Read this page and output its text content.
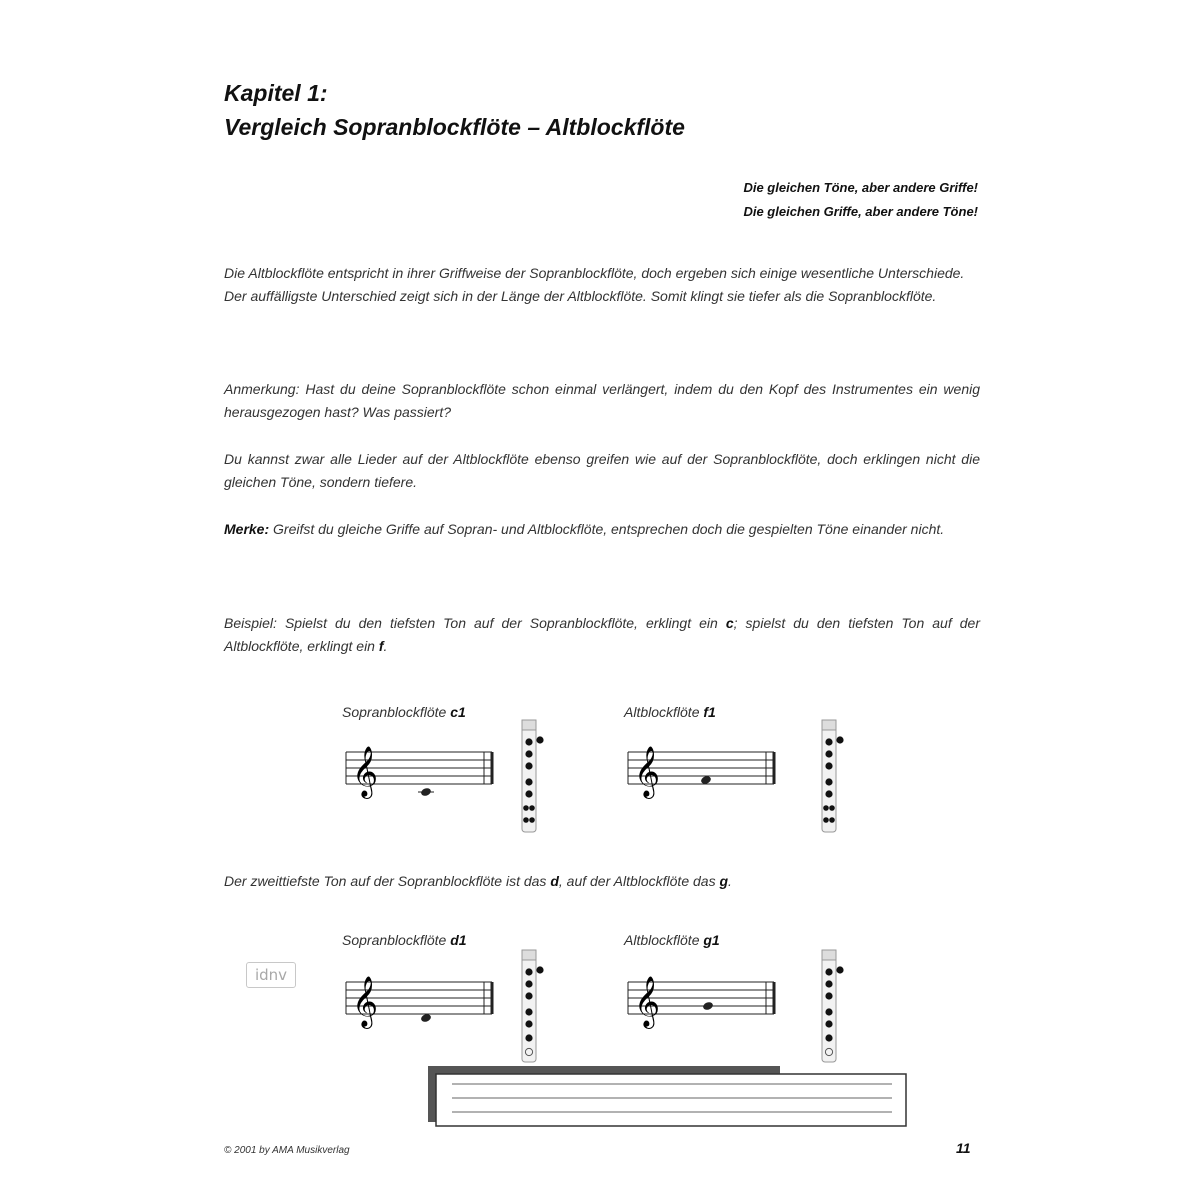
Kapitel 1:
Vergleich Sopranblockflöte – Altblockflöte
Die gleichen Töne, aber andere Griffe!
Die gleichen Griffe, aber andere Töne!

Die Altblockflöte entspricht in ihrer Griffweise der Sopranblockflöte, doch ergeben sich einige wesentliche Unterschiede.
Der auffälligste Unterschied zeigt sich in der Länge der Altblockflöte. Somit klingt sie tiefer als die Sopranblockflöte.

Anmerkung: Hast du deine Sopranblockflöte schon einmal verlängert, indem du den Kopf des Instrumentes ein wenig herausgezogen hast? Was passiert?

Du kannst zwar alle Lieder auf der Altblockflöte ebenso greifen wie auf der Sopranblockflöte, doch erklingen nicht die gleichen Töne, sondern tiefere.

Merke: Greifst du gleiche Griffe auf Sopran- und Altblockflöte, entsprechen doch die gespielten Töne einander nicht.

Beispiel: Spielst du den tiefsten Ton auf der Sopranblockflöte, erklingt ein c; spielst du den tiefsten Ton auf der Altblockflöte, erklingt ein f.

Sopranblockflöte c1	Altblockflöte f1
𝄞	𝄞

Der zweittiefste Ton auf der Sopranblockflöte ist das d, auf der Altblockflöte das g.

Sopranblockflöte d1	Altblockflöte g1
idnv
𝄞	𝄞
© 2001 by AMA Musikverlag	11
